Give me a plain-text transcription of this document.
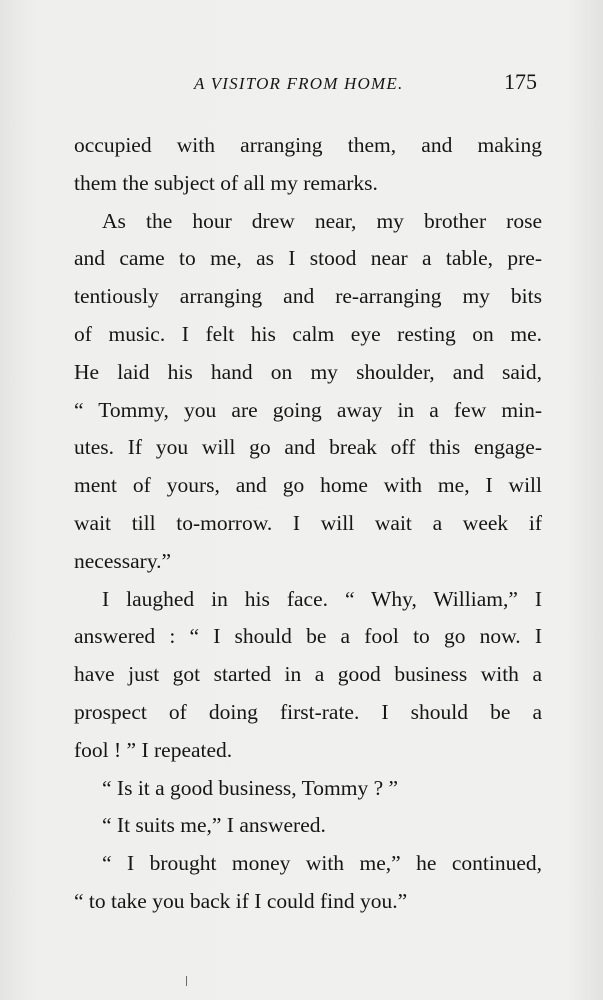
A VISITOR FROM HOME.	175
occupied with arranging them, and making
them the subject of all my remarks.
As the hour drew near, my brother rose
and came to me, as I stood near a table, pre-
tentiously arranging and re-arranging my bits
of music. I felt his calm eye resting on me.
He laid his hand on my shoulder, and said,
“ Tommy, you are going away in a few min-
utes. If you will go and break off this engage-
ment of yours, and go home with me, I will
wait till to-morrow. I will wait a week if
necessary.”
I laughed in his face. “ Why, William,” I
answered : “ I should be a fool to go now. I
have just got started in a good business with a
prospect of doing first-rate. I should be a
fool ! ” I repeated.
“ Is it a good business, Tommy ? ”
“ It suits me,” I answered.
“ I brought money with me,” he continued,
“ to take you back if I could find you.”
